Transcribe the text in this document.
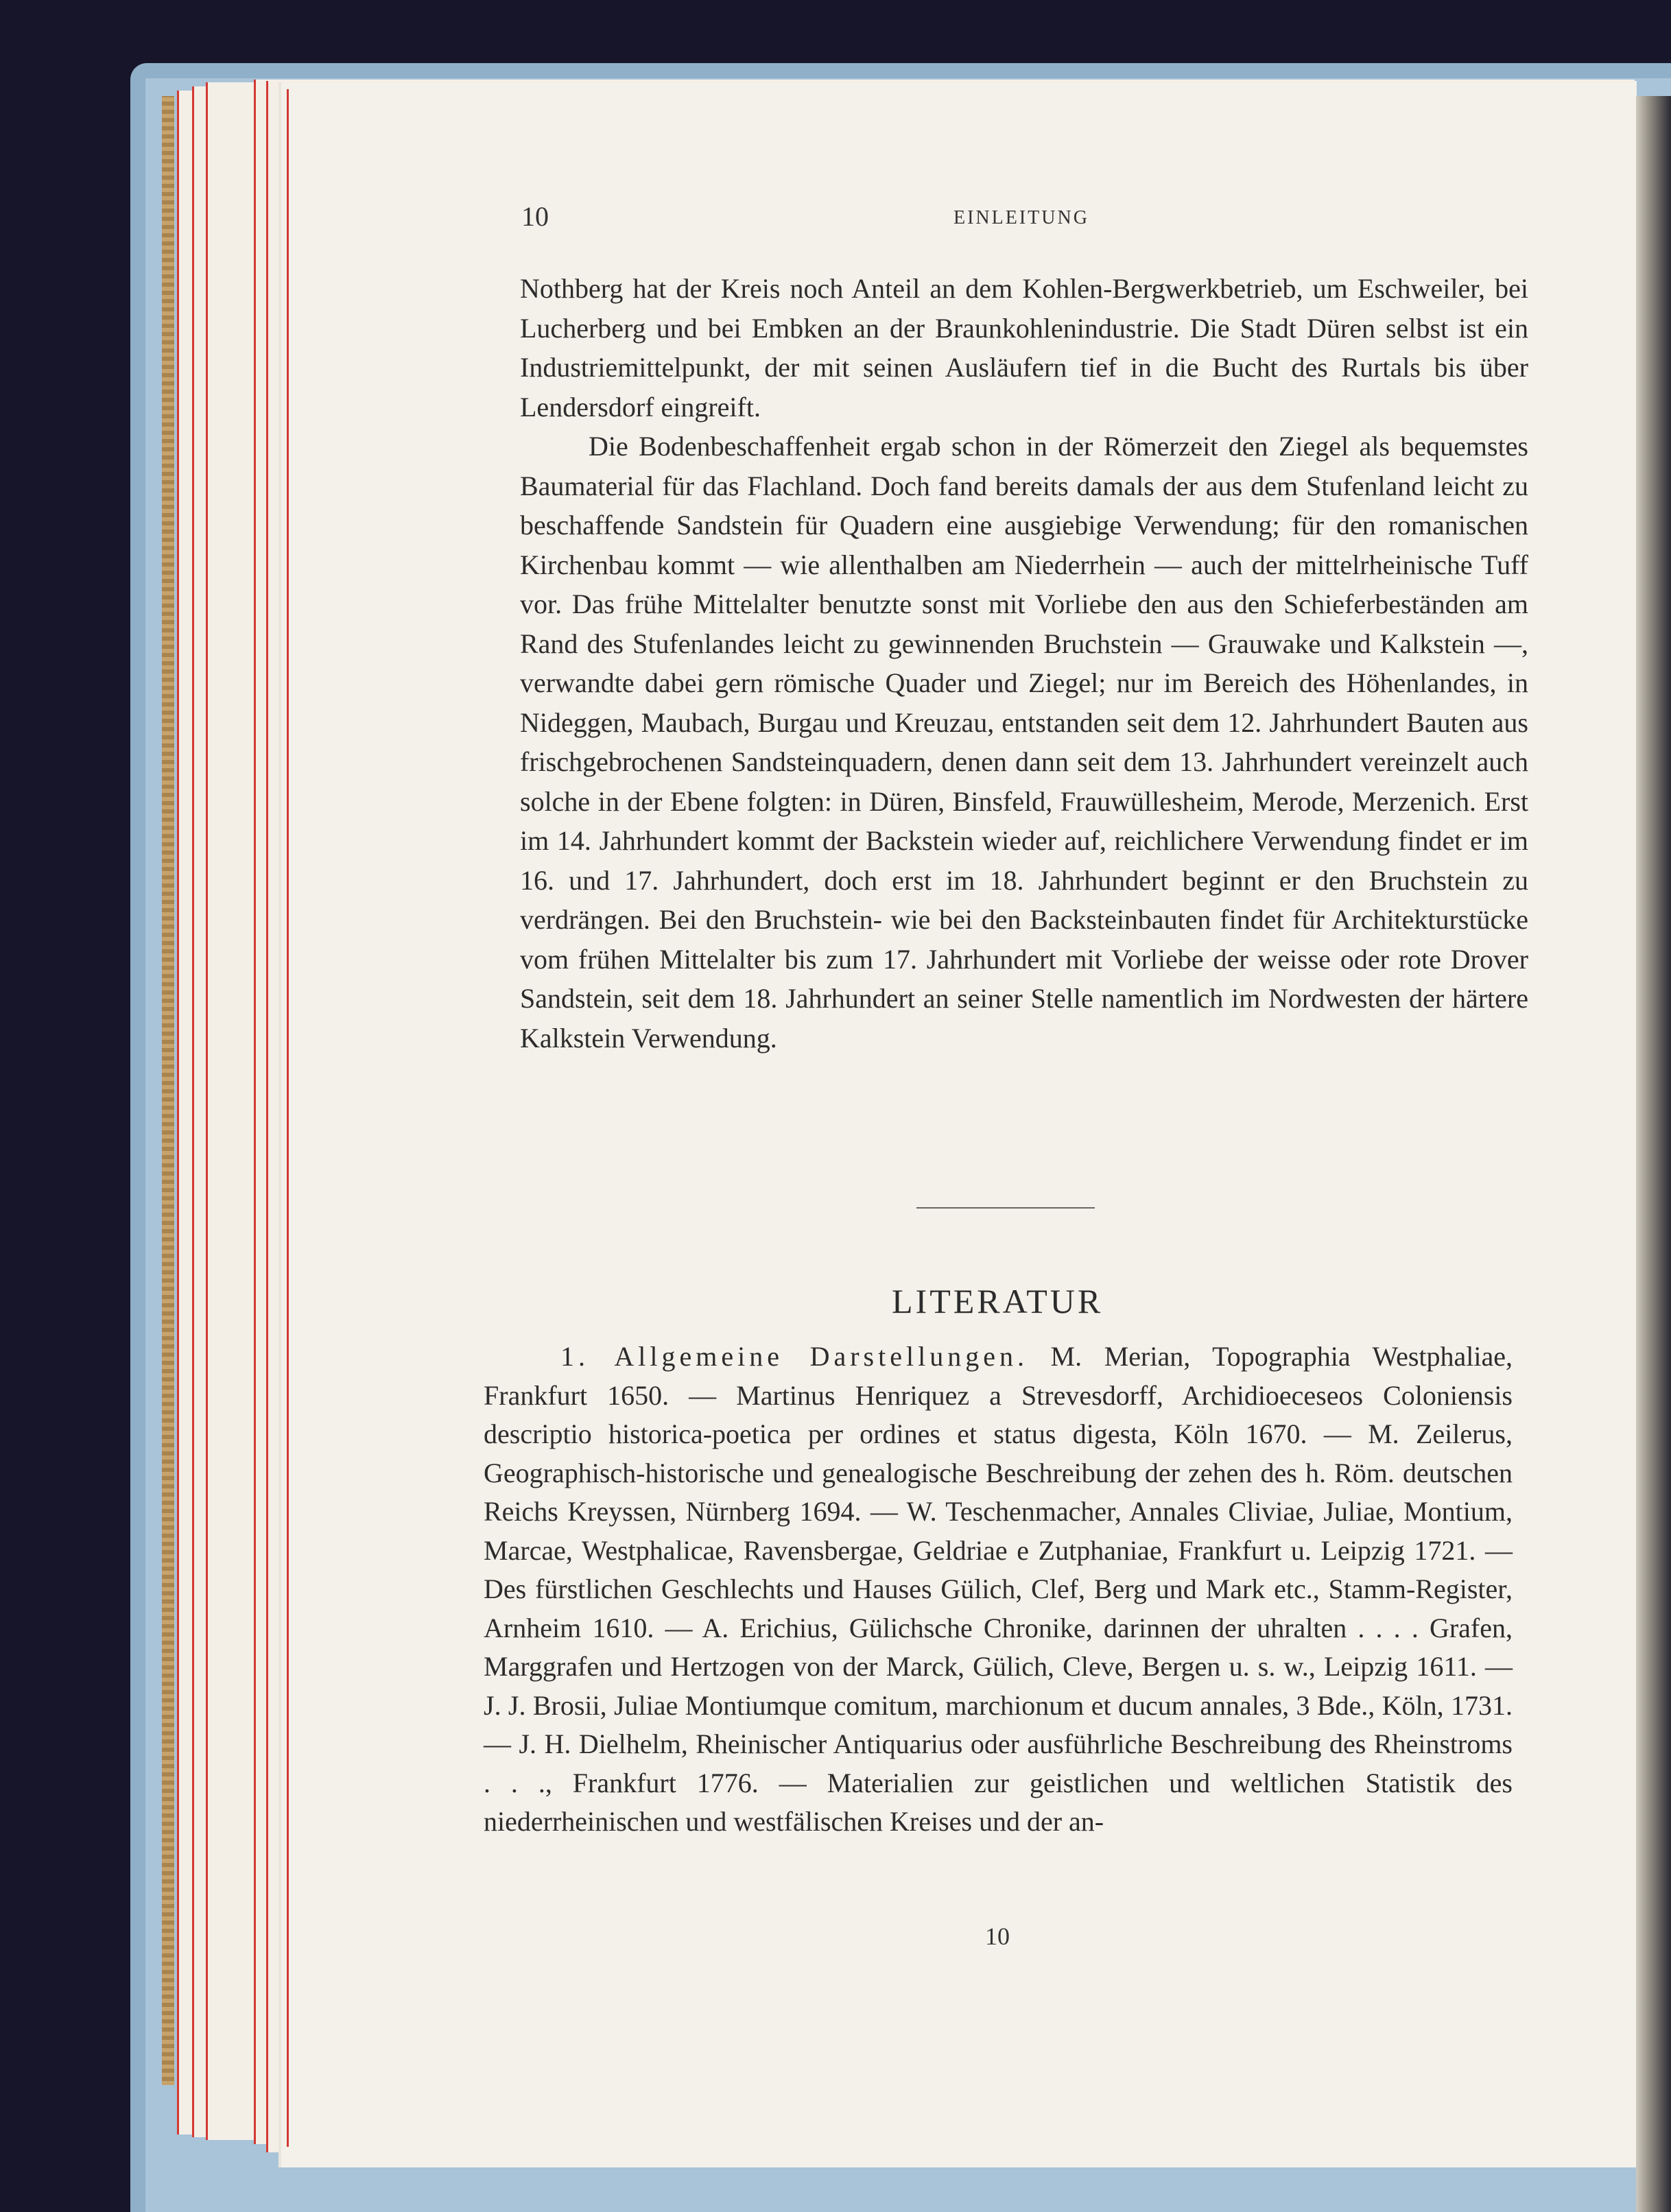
10	EINLEITUNG

Nothberg hat der Kreis noch Anteil an dem Kohlen-Bergwerkbetrieb, um Eschweiler, bei Lucherberg und bei Embken an der Braunkohlenindustrie. Die Stadt Düren selbst ist ein Industriemittelpunkt, der mit seinen Ausläufern tief in die Bucht des Rurtals bis über Lendersdorf eingreift.

Die Bodenbeschaffenheit ergab schon in der Römerzeit den Ziegel als bequemstes Baumaterial für das Flachland. Doch fand bereits damals der aus dem Stufenland leicht zu beschaffende Sandstein für Quadern eine ausgiebige Verwendung; für den romanischen Kirchenbau kommt — wie allenthalben am Niederrhein — auch der mittelrheinische Tuff vor. Das frühe Mittelalter benutzte sonst mit Vorliebe den aus den Schieferbeständen am Rand des Stufenlandes leicht zu gewinnenden Bruchstein — Grauwake und Kalkstein —, verwandte dabei gern römische Quader und Ziegel; nur im Bereich des Höhenlandes, in Nideggen, Maubach, Burgau und Kreuzau, entstanden seit dem 12. Jahrhundert Bauten aus frischgebrochenen Sandsteinquadern, denen dann seit dem 13. Jahrhundert vereinzelt auch solche in der Ebene folgten: in Düren, Binsfeld, Frauwüllesheim, Merode, Merzenich. Erst im 14. Jahrhundert kommt der Backstein wieder auf, reichlichere Verwendung findet er im 16. und 17. Jahrhundert, doch erst im 18. Jahrhundert beginnt er den Bruchstein zu verdrängen. Bei den Bruchstein- wie bei den Backsteinbauten findet für Architekturstücke vom frühen Mittelalter bis zum 17. Jahrhundert mit Vorliebe der weisse oder rote Drover Sandstein, seit dem 18. Jahrhundert an seiner Stelle namentlich im Nordwesten der härtere Kalkstein Verwendung.

LITERATUR

1. Allgemeine Darstellungen. M. Merian, Topographia Westphaliae, Frankfurt 1650. — Martinus Henriquez a Strevesdorff, Archidioeceseos Coloniensis descriptio historica-poetica per ordines et status digesta, Köln 1670. — M. Zeilerus, Geographisch-historische und genealogische Beschreibung der zehen des h. Röm. deutschen Reichs Kreyssen, Nürnberg 1694. — W. Teschenmacher, Annales Cliviae, Juliae, Montium, Marcae, Westphalicae, Ravensbergae, Geldriae e Zutphaniae, Frankfurt u. Leipzig 1721. — Des fürstlichen Geschlechts und Hauses Gülich, Clef, Berg und Mark etc., Stamm-Register, Arnheim 1610. — A. Erichius, Gülichsche Chronike, darinnen der uhralten . . . . Grafen, Marggrafen und Hertzogen von der Marck, Gülich, Cleve, Bergen u. s. w., Leipzig 1611. — J. J. Brosii, Juliae Montiumque comitum, marchionum et ducum annales, 3 Bde., Köln, 1731. — J. H. Dielhelm, Rheinischer Antiquarius oder ausführliche Beschreibung des Rheinstroms . . ., Frankfurt 1776. — Materialien zur geistlichen und weltlichen Statistik des niederrheinischen und westfälischen Kreises und der an-

10
